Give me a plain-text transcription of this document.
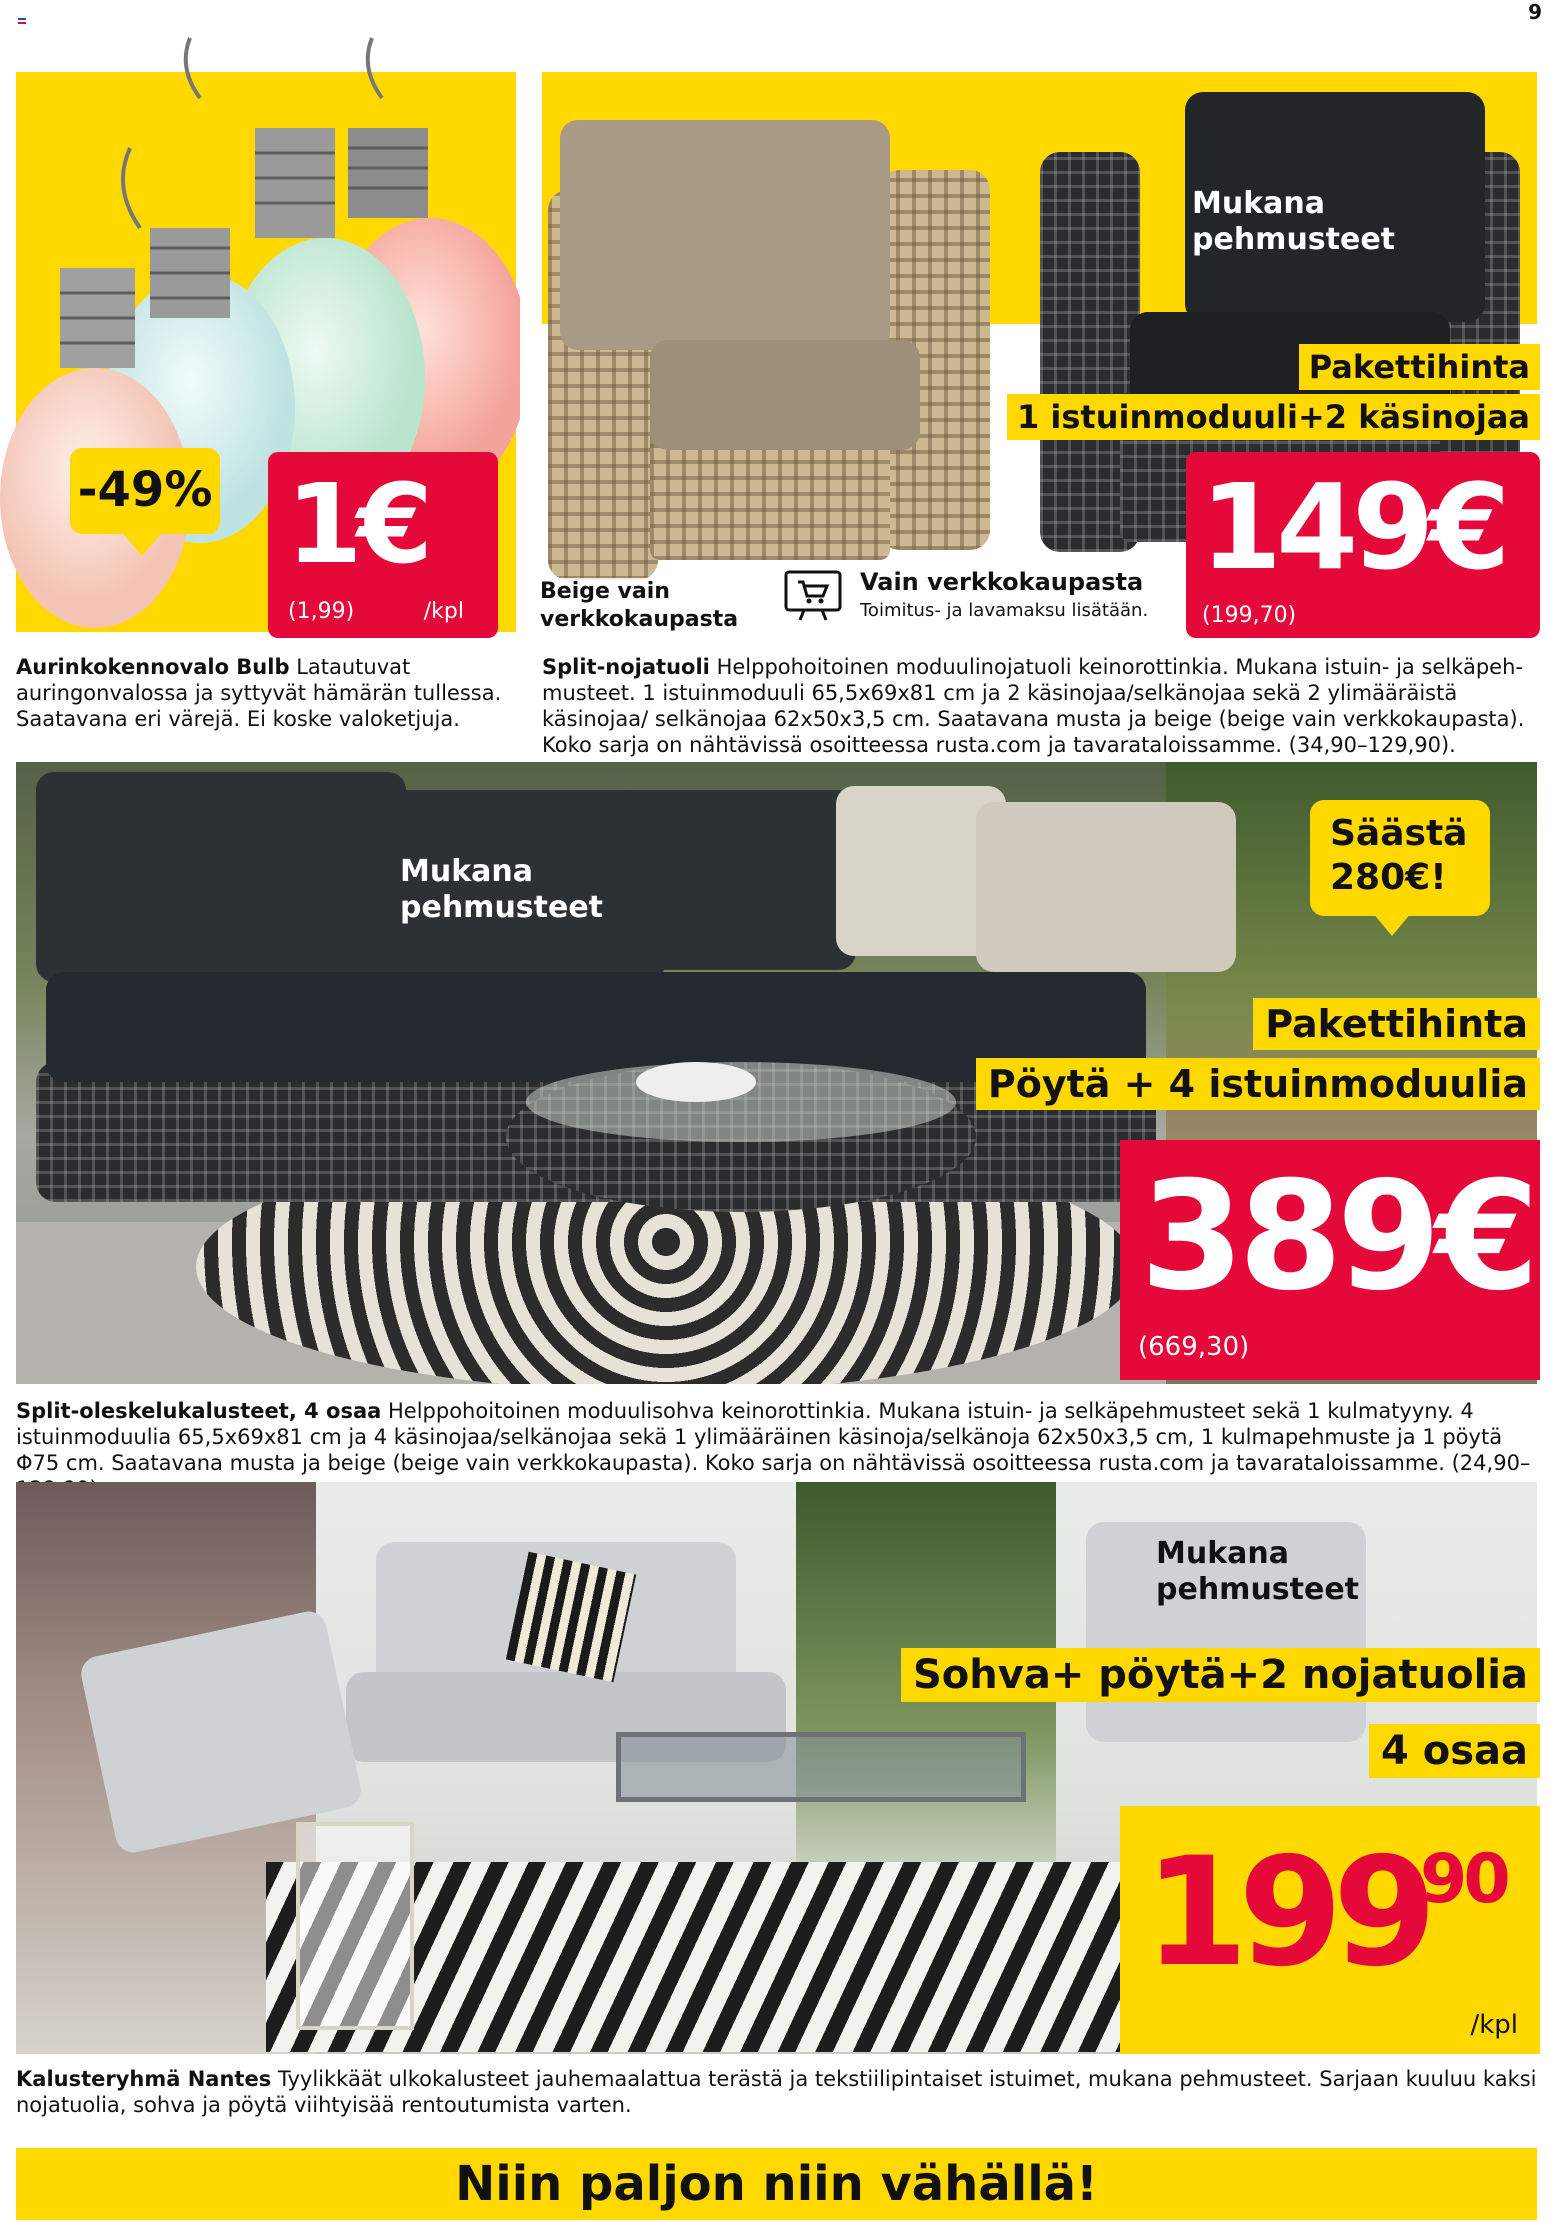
9
-49% 1€
(1,99)	/kpl
Aurinkokennovalo Bulb Latautuvat auringonvalossa ja syttyvät hämärän tullessa. Saatavana eri värejä. Ei koske valoketjuja.
Mukana pehmusteet
Pakettihinta
1 istuinmoduuli+2 käsinojaa
149€
(199,70)
Beige vain verkkokaupasta
Vain verkkokaupasta
Toimitus- ja lavamaksu lisätään.
Split-nojatuoli Helppohoitoinen moduulinojatuoli keinorottinkia. Mukana istuin- ja selkäpehmusteet. 1 istuinmoduuli 65,5x69x81 cm ja 2 käsinojaa/selkänojaa sekä 2 ylimääräistä käsinojaa/ selkänojaa 62x50x3,5 cm. Saatavana musta ja beige (beige vain verkkokaupasta). Koko sarja on nähtävissä osoitteessa rusta.com ja tavarataloissamme. (34,90–129,90).
Mukana pehmusteet
Säästä 280€!
Pakettihinta
Pöytä + 4 istuinmoduulia
389€
(669,30)
Split-oleskelukalusteet, 4 osaa Helppohoitoinen moduulisohva keinorottinkia. Mukana istuin- ja selkäpehmusteet sekä 1 kulmatyyny. 4 istuinmoduulia 65,5x69x81 cm ja 4 käsinojaa/selkänojaa sekä 1 ylimääräinen käsinoja/selkänoja 62x50x3,5 cm, 1 kulmapehmuste ja 1 pöytä Φ75 cm. Saatavana musta ja beige (beige vain verkkokaupasta). Koko sarja on nähtävissä osoitteessa rusta.com ja tavarataloissamme. (24,90–
Mukana pehmusteet
Sohva+ pöytä+2 nojatuolia
4 osaa
199
90
/kpl
Kalusteryhmä Nantes Tyylikkäät ulkokalusteet jauhemaalattua terästä ja tekstiilipintaiset istuimet, mukana pehmusteet. Sarjaan kuuluu kaksi nojatuolia, sohva ja pöytä viihtyisää rentoutumista varten.
Niin paljon niin vähällä!
